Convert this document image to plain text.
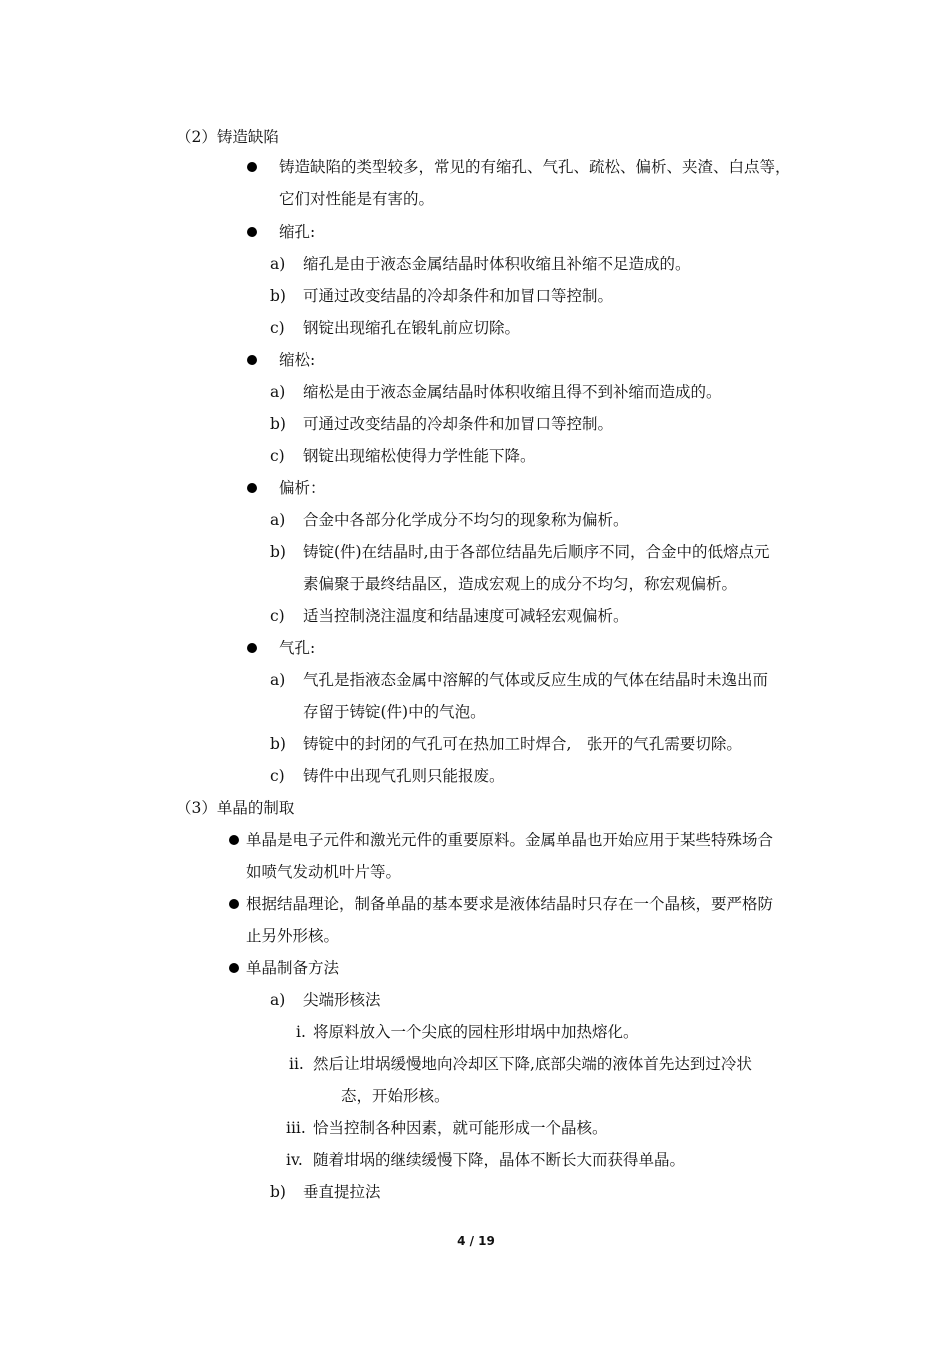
（2）铸造缺陷
铸造缺陷的类型较多，常见的有缩孔、气孔、疏松、偏析、夹渣、白点等，
它们对性能是有害的。
缩孔:
a) 缩孔是由于液态金属结晶时体积收缩且补缩不足造成的。
b) 可通过改变结晶的冷却条件和加冒口等控制。
c) 钢锭出现缩孔在锻轧前应切除。
缩松:
a) 缩松是由于液态金属结晶时体积收缩且得不到补缩而造成的。
b) 可通过改变结晶的冷却条件和加冒口等控制。
c) 钢锭出现缩松使得力学性能下降。
偏析：
a) 合金中各部分化学成分不均匀的现象称为偏析。
b) 铸锭(件)在结晶时,由于各部位结晶先后顺序不同，合金中的低熔点元
素偏聚于最终结晶区，造成宏观上的成分不均匀，称宏观偏析。
c) 适当控制浇注温度和结晶速度可减轻宏观偏析。
气孔:
a) 气孔是指液态金属中溶解的气体或反应生成的气体在结晶时未逸出而
存留于铸锭(件)中的气泡。
b) 铸锭中的封闭的气孔可在热加工时焊合,　张开的气孔需要切除。
c) 铸件中出现气孔则只能报废。
（3）单晶的制取
单晶是电子元件和激光元件的重要原料。金属单晶也开始应用于某些特殊场合
如喷气发动机叶片等。
根据结晶理论，制备单晶的基本要求是液体结晶时只存在一个晶核，要严格防
止另外形核。
单晶制备方法
a) 尖端形核法
i. 将原料放入一个尖底的园柱形坩埚中加热熔化。
ii. 然后让坩埚缓慢地向冷却区下降,底部尖端的液体首先达到过冷状
态，开始形核。
iii. 恰当控制各种因素，就可能形成一个晶核。
iv. 随着坩埚的继续缓慢下降，晶体不断长大而获得单晶。
b) 垂直提拉法
4 / 19
